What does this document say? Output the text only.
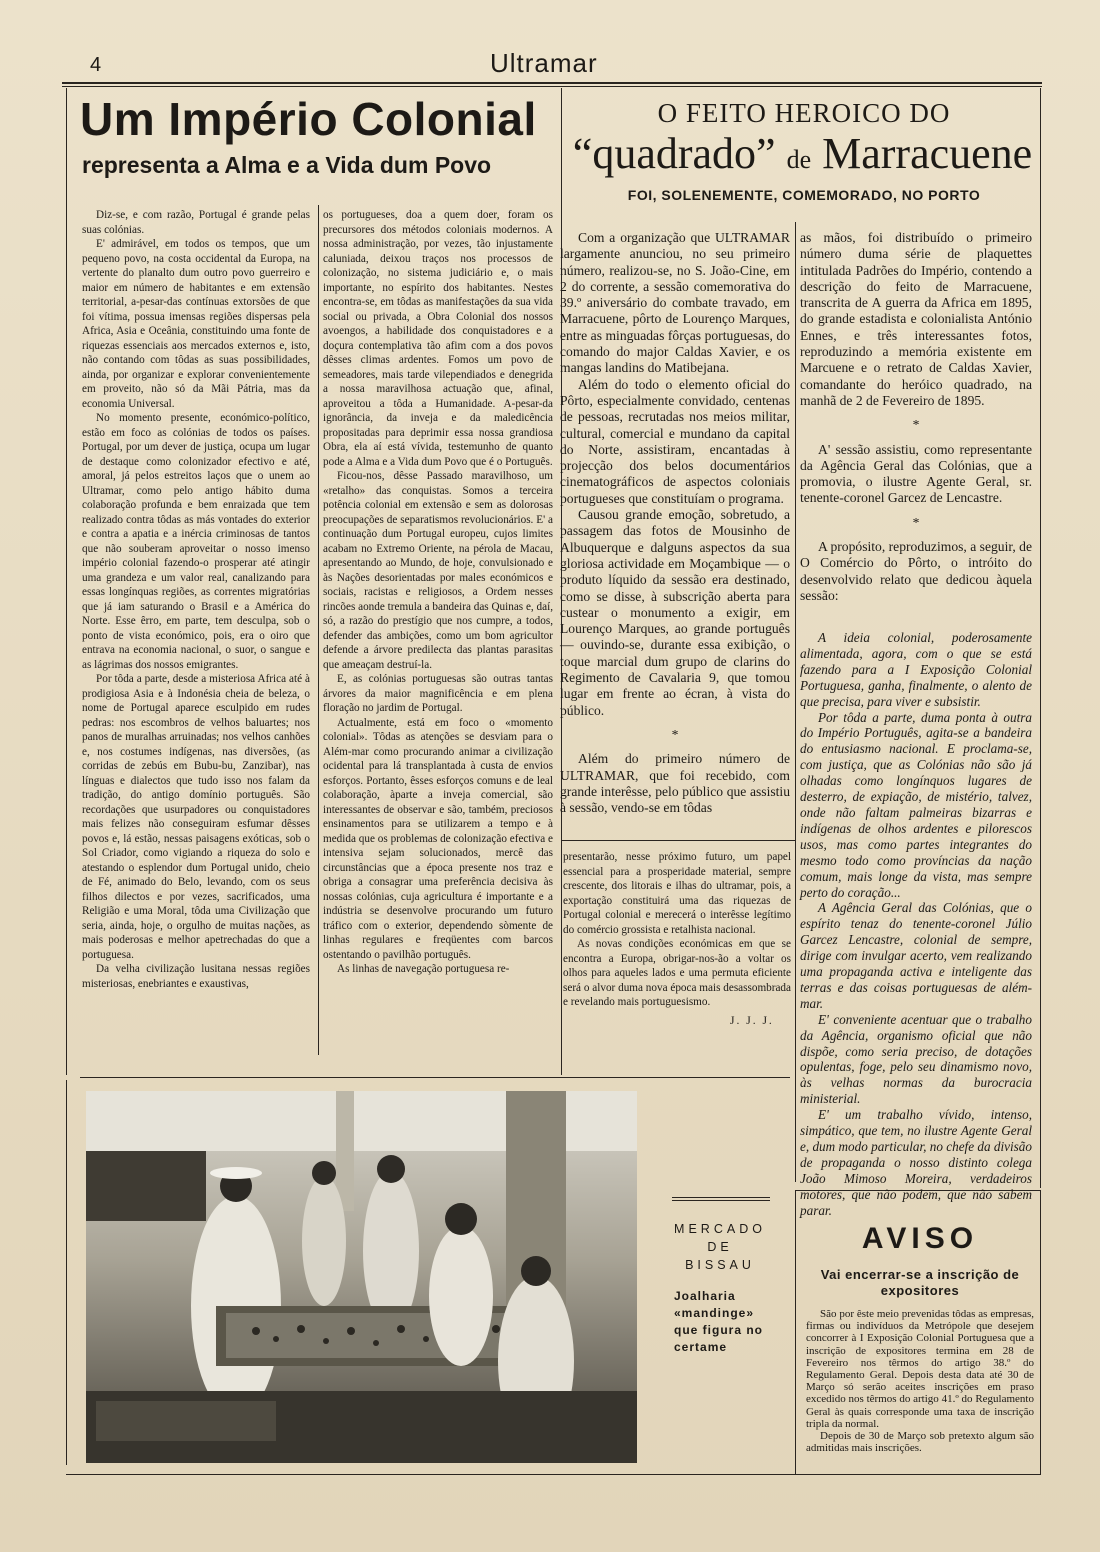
4	Ultramar
Um Império Colonial
representa a Alma e a Vida dum Povo

Diz-se, e com razão, Portugal é grande pelas suas colónias.

E' admirável, em todos os tempos, que um pequeno povo, na costa occidental da Europa, na vertente do planalto dum outro povo guerreiro e maior em número de habitantes e em extensão territorial, a-pesar-das contínuas extorsões de que foi vítima, possua imensas regiões dispersas pela Africa, Asia e Oceânia, constituindo uma fonte de riquezas essenciais aos mercados externos e, isto, não contando com tôdas as suas possibilidades, ainda, por organizar e explorar convenientemente em proveito, não só da Mãi Pátria, mas da economia Universal.

No momento presente, económico-político, estão em foco as colónias de todos os países. Portugal, por um dever de justiça, ocupa um lugar de destaque como colonizador efectivo e até, amoral, já pelos estreitos laços que o unem ao Ultramar, como pelo antigo hábito duma colaboração profunda e bem enraizada que tem realizado contra tôdas as más vontades do exterior e contra a apatia e a inércia criminosas de tantos que não souberam aproveitar o nosso imenso império colonial fazendo-o prosperar até atingir uma grandeza e um valor real, canalizando para essas longínquas regiões, as correntes migratórias que já iam saturando o Brasil e a América do Norte. Esse êrro, em parte, tem desculpa, sob o ponto de vista económico, pois, era o oiro que entrava na economia nacional, o suor, o sangue e as lágrimas dos nossos emigrantes.

Por tôda a parte, desde a misteriosa Africa até à prodigiosa Asia e à Indonésia cheia de beleza, o nome de Portugal aparece esculpido em rudes pedras: nos escombros de velhos baluartes; nos panos de muralhas arruinadas; nos velhos canhões e, nos costumes indígenas, nas diversões, (as corridas de zebús em Bubu-bu, Zanzibar), nas línguas e dialectos que tudo isso nos falam da tradição, do antigo domínio português. São recordações que usurpadores ou conquistadores mais felizes não conseguiram esfumar dêsses povos e, lá estão, nessas paisagens exóticas, sob o Sol Criador, como vigiando a riqueza do solo e atestando o esplendor dum Portugal unido, cheio de Fé, animado do Belo, levando, com os seus filhos dilectos e por vezes, sacrificados, uma Religião e uma Moral, tôda uma Civilização que seria, ainda, hoje, o orgulho de muitas nações, as mais poderosas e melhor apetrechadas do que a portuguesa.

Da velha civilização lusitana nessas regiões misteriosas, enebriantes e exaustivas,

os portugueses, doa a quem doer, foram os precursores dos métodos coloniais modernos. A nossa administração, por vezes, tão injustamente caluniada, deixou traços nos processos de colonização, no sistema judiciário e, o mais importante, no espírito dos habitantes. Nestes encontra-se, em tôdas as manifestações da sua vida social ou privada, a Obra Colonial dos nossos avoengos, a habilidade dos conquistadores e a doçura contemplativa tão afim com a dos povos dêsses climas ardentes. Fomos um povo de semeadores, mais tarde vilependiados e denegrida a nossa maravilhosa actuação que, afinal, aproveitou a tôda a Humanidade. A-pesar-da ignorância, da inveja e da maledicência propositadas para deprimir essa nossa grandiosa Obra, ela aí está vívida, testemunho de quanto pode a Alma e a Vida dum Povo que é o Português.

Ficou-nos, dêsse Passado maravilhoso, um «retalho» das conquistas. Somos a terceira potência colonial em extensão e sem as dolorosas preocupações de separatismos revolucionários. E' a continuação dum Portugal europeu, cujos limites acabam no Extremo Oriente, na pérola de Macau, apresentando ao Mundo, de hoje, convulsionado e às Nações desorientadas por males económicos e sociais, racistas e religiosos, a Ordem nesses rincões aonde tremula a bandeira das Quinas e, daí, só, a razão do prestígio que nos cumpre, a todos, defender das ambições, como um bom agricultor defende a árvore predilecta das plantas parasitas que ameaçam destruí-la.

E, as colónias portuguesas são outras tantas árvores da maior magnificência e em plena floração no jardim de Portugal.

Actualmente, está em foco o «momento colonial». Tôdas as atenções se desviam para o Além-mar como procurando animar a civilização ocidental para lá transplantada à custa de envios esforços. Portanto, êsses esforços comuns e de leal colaboração, àparte a inveja comercial, são interessantes de observar e são, também, preciosos ensinamentos para se utilizarem a tempo e à medida que os problemas de colonização efectiva e intensiva sejam solucionados, mercê das circunstâncias que a época presente nos traz e obriga a consagrar uma preferência decisiva às nossas colónias, cuja agricultura é importante e a indústria se desenvolve procurando um futuro tráfico com o exterior, dependendo sòmente de linhas regulares e freqüentes com barcos ostentando o pavilhão português.

As linhas de navegação portuguesa re-

presentarão, nesse próximo futuro, um papel essencial para a prosperidade material, sempre crescente, dos litorais e ilhas do ultramar, pois, a exportação constituirá uma das riquezas de Portugal colonial e merecerá o interêsse legítimo do comércio grossista e retalhista nacional.

As novas condições económicas em que se encontra a Europa, obrigar-nos-ão a voltar os olhos para aqueles lados e uma permuta eficiente será o alvor duma nova época mais desassombrada e revelando mais portuguesismo.

J. J. J.
O FEITO HEROICO DO
“quadrado” de Marracuene
FOI, SOLENEMENTE, COMEMORADO, NO PORTO

Com a organização que ULTRAMAR largamente anunciou, no seu primeiro número, realizou-se, no S. João-Cine, em 2 do corrente, a sessão comemorativa do 39.º aniversário do combate travado, em Marracuene, pôrto de Lourenço Marques, entre as minguadas fôrças portuguesas, do comando do major Caldas Xavier, e os mangas landins do Matibejana.

Além do todo o elemento oficial do Pôrto, especialmente convidado, centenas de pessoas, recrutadas nos meios militar, cultural, comercial e mundano da capital do Norte, assistiram, encantadas à projecção dos belos documentários cinematográficos de aspectos coloniais portugueses que constituíam o programa.

Causou grande emoção, sobretudo, a passagem das fotos de Mousinho de Albuquerque e dalguns aspectos da sua gloriosa actividade em Moçambique — o produto líquido da sessão era destinado, como se disse, à subscrição aberta para custear o monumento a exigir, em Lourenço Marques, ao grande português — ouvindo-se, durante essa exibição, o toque marcial dum grupo de clarins do Regimento de Cavalaria 9, que tomou lugar em frente ao écran, à vista do público.

*

Além do primeiro número de ULTRAMAR, que foi recebido, com grande interêsse, pelo público que assistiu à sessão, vendo-se em tôdas

as mãos, foi distribuído o primeiro número duma série de plaquettes intitulada Padrões do Império, contendo a descrição do feito de Marracuene, transcrita de A guerra da Africa em 1895, do grande estadista e colonialista António Ennes, e três interessantes fotos, reproduzindo a memória existente em Marcuene e o retrato de Caldas Xavier, comandante do heróico quadrado, na manhã de 2 de Fevereiro de 1895.

*

A' sessão assistiu, como representante da Agência Geral das Colónias, que a promovia, o ilustre Agente Geral, sr. tenente-coronel Garcez de Lencastre.

*

A propósito, reproduzimos, a seguir, de O Comércio do Pôrto, o intróito do desenvolvido relato que dedicou àquela sessão:

A ideia colonial, poderosamente alimentada, agora, com o que se está fazendo para a I Exposição Colonial Portuguesa, ganha, finalmente, o alento de que precisa, para viver e subsistir.

Por tôda a parte, duma ponta à outra do Império Português, agita-se a bandeira do entusiasmo nacional. E proclama-se, com justiça, que as Colónias não são já olhadas como longínquos lugares de desterro, de expiação, de mistério, talvez, onde não faltam palmeiras bizarras e indígenas de olhos ardentes e pilorescos usos, mas como partes integrantes do mesmo todo como províncias da nação comum, mais longe da vista, mas sempre perto do coração...

A Agência Geral das Colónias, que o espírito tenaz do tenente-coronel Júlio Garcez Lencastre, colonial de sempre, dirige com invulgar acerto, vem realizando uma propaganda activa e inteligente das terras e das coisas portuguesas de além-mar.

E' conveniente acentuar que o trabalho da Agência, organismo oficial que não dispõe, como seria preciso, de dotações opulentas, foge, pelo seu dinamismo novo, às velhas normas da burocracia ministerial.

E' um trabalho vívido, intenso, simpático, que tem, no ilustre Agente Geral e, dum modo particular, no chefe da divisão de propaganda o nosso distinto colega João Mimoso Moreira, verdadeiros motores, que não podem, que não sabem parar.

MERCADO
DE
BISSAU
Joalharia «mandinge» que figura no certame
AVISO
Vai encerrar-se a inscrição de expositores

São por êste meio prevenidas tôdas as empresas, firmas ou indivíduos da Metrópole que desejem concorrer à I Exposição Colonial Portuguesa que a inscrição de expositores termina em 28 de Fevereiro nos têrmos do artigo 38.º do Regulamento Geral. Depois desta data até 30 de Março só serão aceites inscrições em praso excedido nos têrmos do artigo 41.º do Regulamento Geral às quais corresponde uma taxa de inscrição tripla da normal.

Depois de 30 de Março sob pretexto algum são admitidas mais inscrições.
